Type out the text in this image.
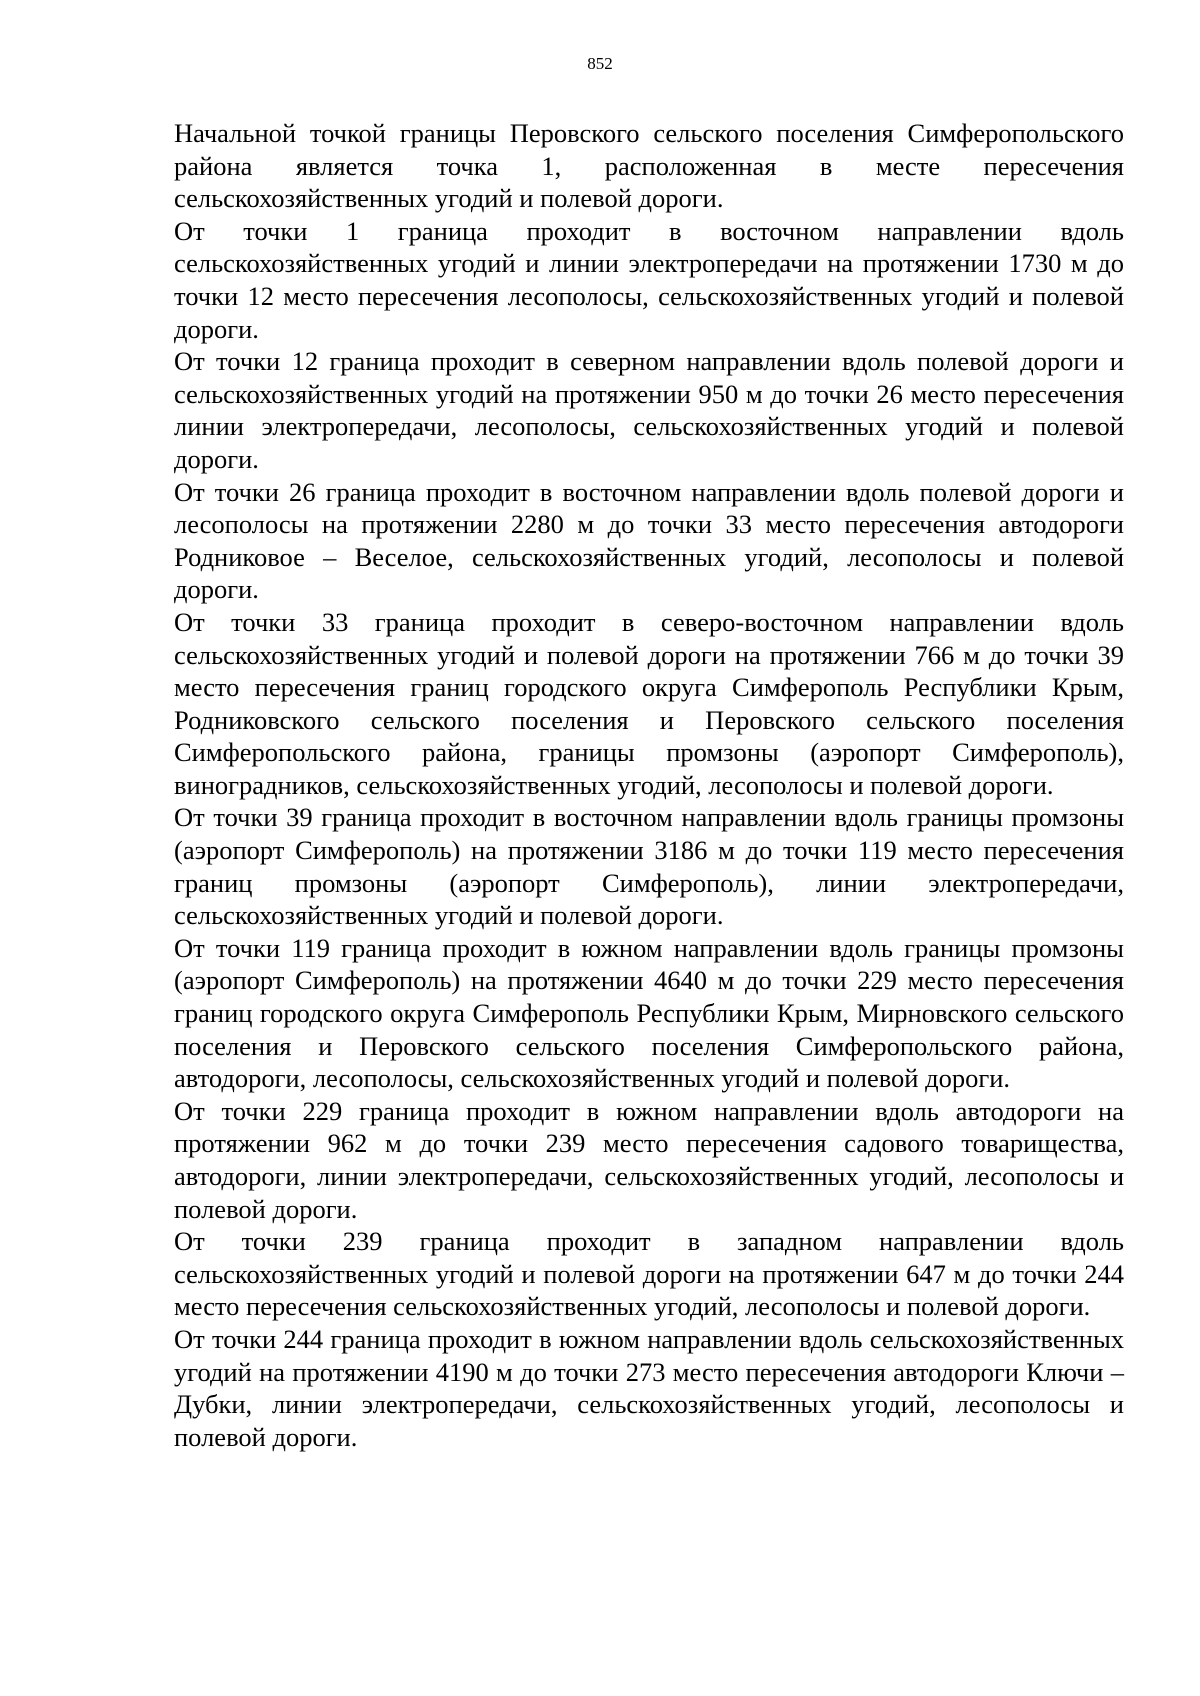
852

Начальной точкой границы Перовского сельского поселения Симферопольского района является точка 1, расположенная в месте пересечения сельскохозяйственных угодий и полевой дороги.

От точки 1 граница проходит в восточном направлении вдоль сельскохозяйственных угодий и линии электропередачи на протяжении 1730 м до точки 12 место пересечения лесополосы, сельскохозяйственных угодий и полевой дороги.

От точки 12 граница проходит в северном направлении вдоль полевой дороги и сельскохозяйственных угодий на протяжении 950 м до точки 26 место пересечения линии электропередачи, лесополосы, сельскохозяйственных угодий и полевой дороги.

От точки 26 граница проходит в восточном направлении вдоль полевой дороги и лесополосы на протяжении 2280 м до точки 33 место пересечения автодороги Родниковое – Веселое, сельскохозяйственных угодий, лесополосы и полевой дороги.

От точки 33 граница проходит в северо-восточном направлении вдоль сельскохозяйственных угодий и полевой дороги на протяжении 766 м до точки 39 место пересечения границ городского округа Симферополь Республики Крым, Родниковского сельского поселения и Перовского сельского поселения Симферопольского района, границы промзоны (аэропорт Симферополь), виноградников, сельскохозяйственных угодий, лесополосы и полевой дороги.

От точки 39 граница проходит в восточном направлении вдоль границы промзоны (аэропорт Симферополь) на протяжении 3186 м до точки 119 место пересечения границ промзоны (аэропорт Симферополь), линии электропередачи, сельскохозяйственных угодий и полевой дороги.

От точки 119 граница проходит в южном направлении вдоль границы промзоны (аэропорт Симферополь) на протяжении 4640 м до точки 229 место пересечения границ городского округа Симферополь Республики Крым, Мирновского сельского поселения и Перовского сельского поселения Симферопольского района, автодороги, лесополосы, сельскохозяйственных угодий и полевой дороги.

От точки 229 граница проходит в южном направлении вдоль автодороги на протяжении 962 м до точки 239 место пересечения садового товарищества, автодороги, линии электропередачи, сельскохозяйственных угодий, лесополосы и полевой дороги.

От точки 239 граница проходит в западном направлении вдоль сельскохозяйственных угодий и полевой дороги на протяжении 647 м до точки 244 место пересечения сельскохозяйственных угодий, лесополосы и полевой дороги.

От точки 244 граница проходит в южном направлении вдоль сельскохозяйственных угодий на протяжении 4190 м до точки 273 место пересечения автодороги Ключи – Дубки, линии электропередачи, сельскохозяйственных угодий, лесополосы и полевой дороги.
